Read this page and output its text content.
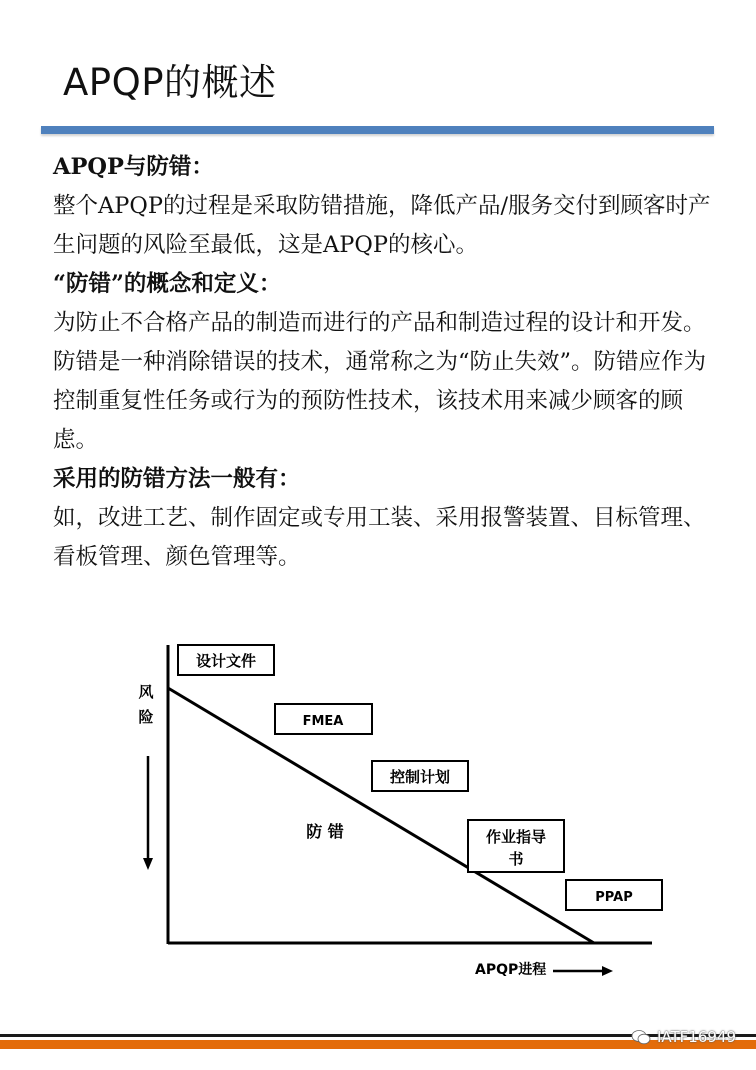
APQP的概述

APQP与防错：

整个APQP的过程是采取防错措施，降低产品/服务交付到顾客时产生问题的风险至最低，这是APQP的核心。

“防错”的概念和定义：

为防止不合格产品的制造而进行的产品和制造过程的设计和开发。防错是一种消除错误的技术，通常称之为“防止失效”。防错应作为控制重复性任务或行为的预防性技术，该技术用来减少顾客的顾虑。

采用的防错方法一般有：

如，改进工艺、制作固定或专用工装、采用报警装置、目标管理、看板管理、颜色管理等。

风
险
设计文件
FMEA
控制计划
作业指导
书
PPAP
防 错
APQP进程
IATF16949
